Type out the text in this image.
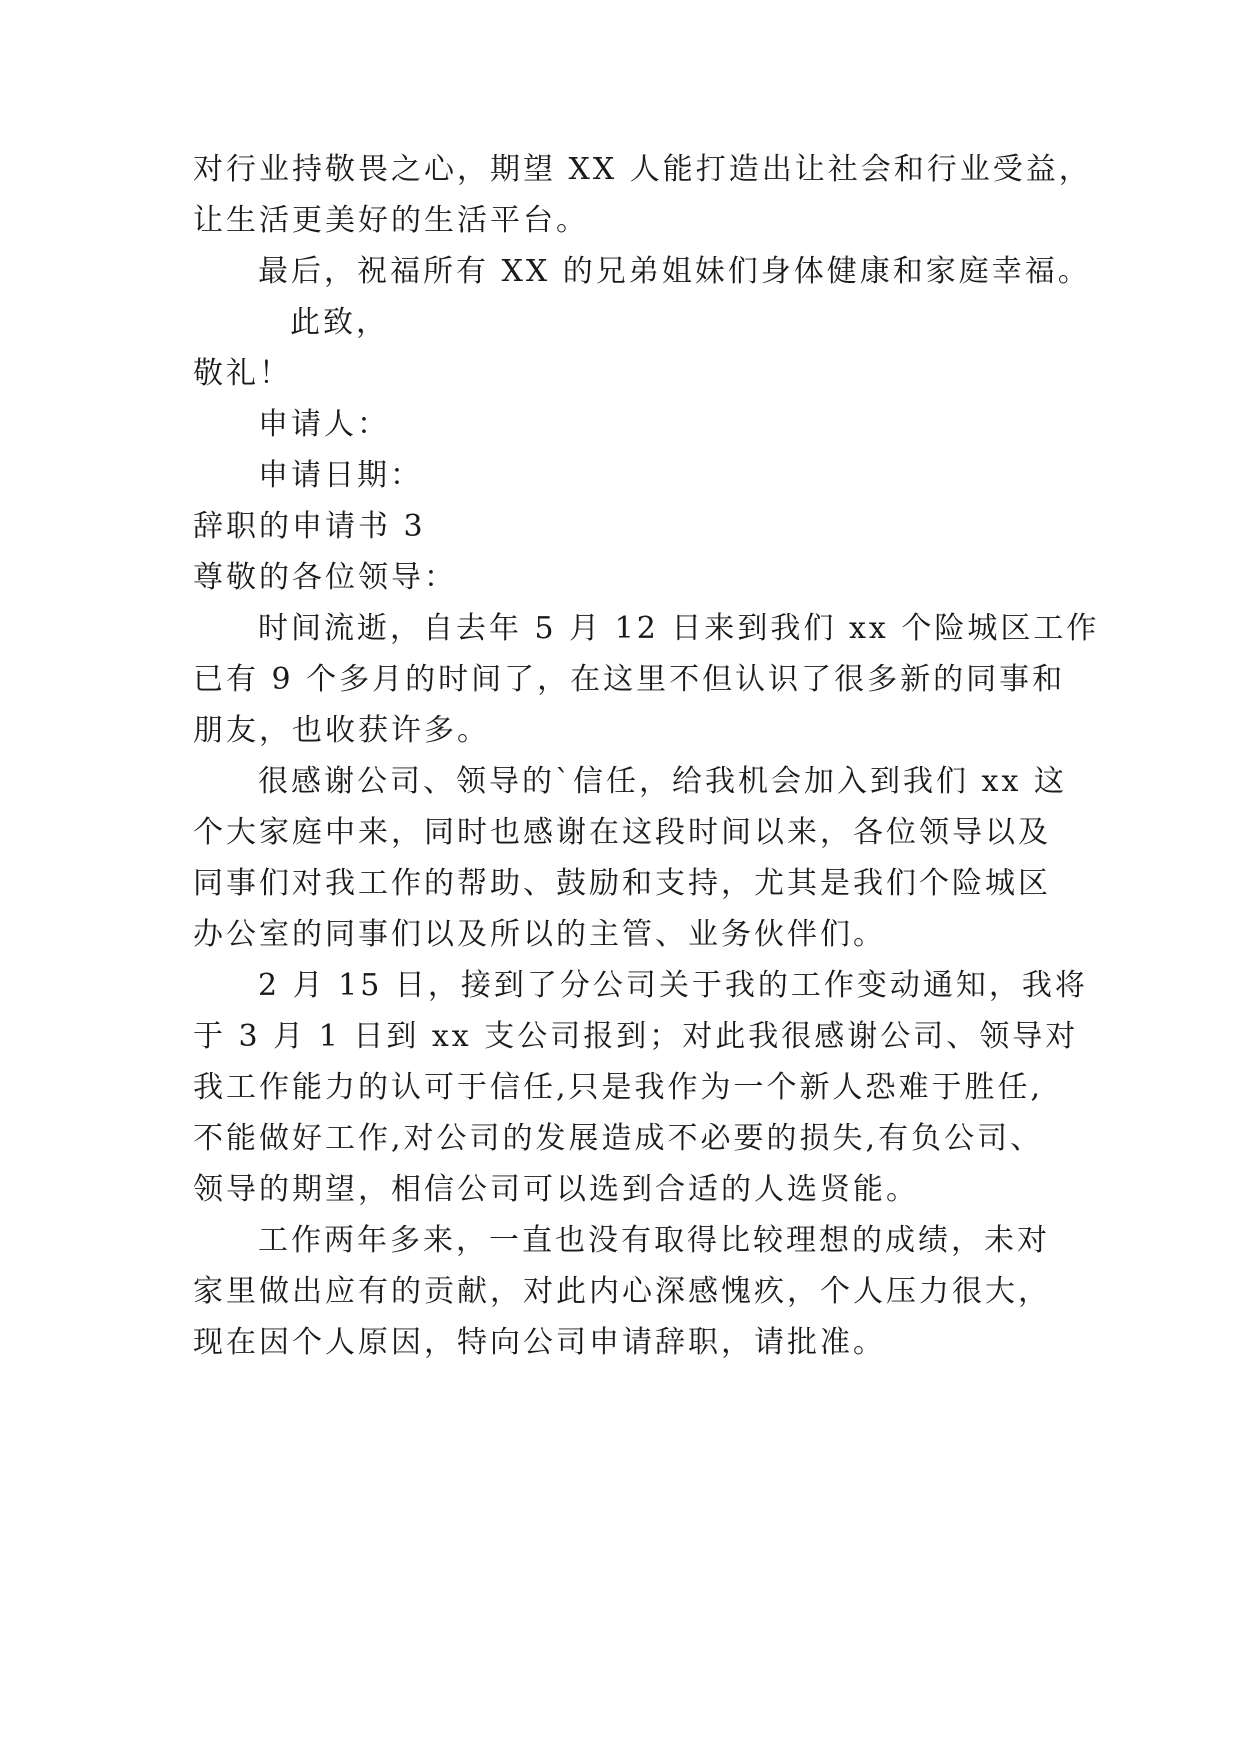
对行业持敬畏之心，期望 XX 人能打造出让社会和行业受益，
让生活更美好的生活平台。
最后，祝福所有 XX 的兄弟姐妹们身体健康和家庭幸福。
此致，
敬礼！
申请人：
申请日期：
辞职的申请书 3
尊敬的各位领导：
时间流逝，自去年 5 月 12 日来到我们 xx 个险城区工作
已有 9 个多月的时间了，在这里不但认识了很多新的同事和
朋友，也收获许多。
很感谢公司、领导的`信任，给我机会加入到我们 xx 这
个大家庭中来，同时也感谢在这段时间以来，各位领导以及
同事们对我工作的帮助、鼓励和支持，尤其是我们个险城区
办公室的同事们以及所以的主管、业务伙伴们。
2 月 15 日，接到了分公司关于我的工作变动通知，我将
于 3 月 1 日到 xx 支公司报到；对此我很感谢公司、领导对
我工作能力的认可于信任,只是我作为一个新人恐难于胜任,
不能做好工作,对公司的发展造成不必要的损失,有负公司、
领导的期望，相信公司可以选到合适的人选贤能。
工作两年多来，一直也没有取得比较理想的成绩，未对
家里做出应有的贡献，对此内心深感愧疚，个人压力很大，
现在因个人原因，特向公司申请辞职，请批准。
